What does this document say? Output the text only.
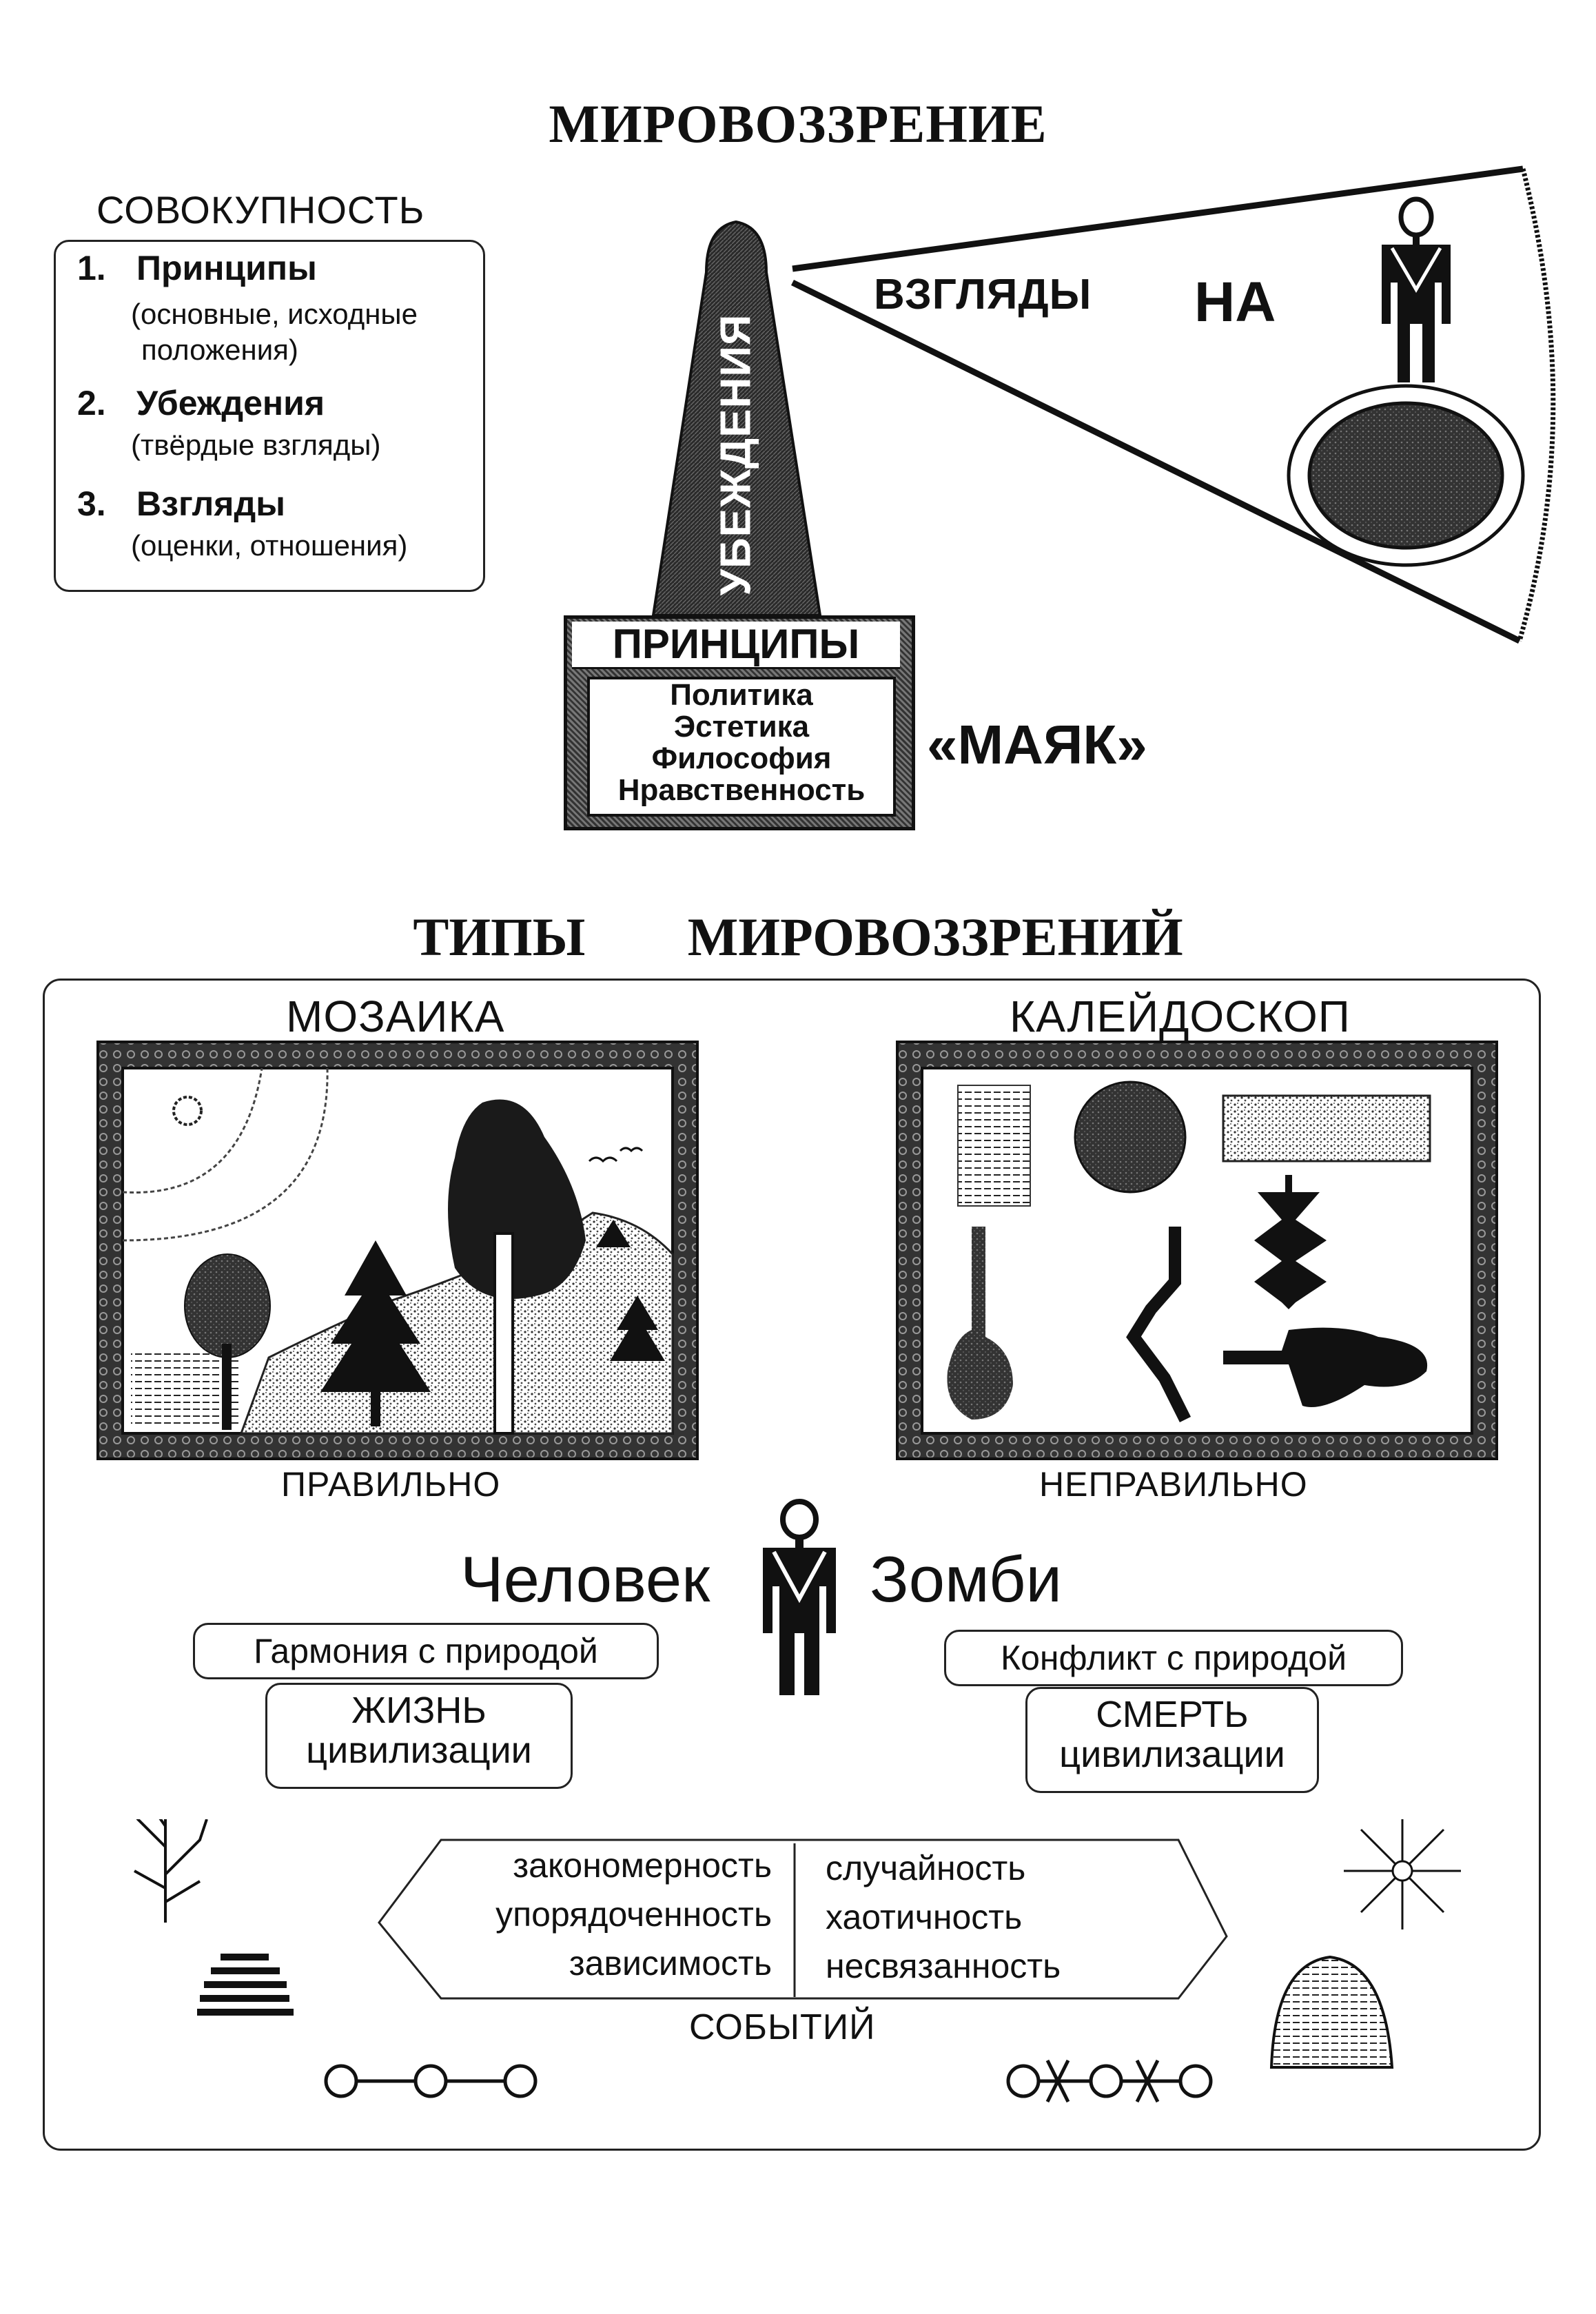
МИРОВОЗЗРЕНИЕ
СОВОКУПНОСТЬ
1. Принципы
(основные, исходные
положения)
2. Убеждения
(твёрдые взгляды)
3. Взгляды
(оценки, отношения)
ВЗГЛЯДЫ НА
УБЕЖДЕНИЯ
ПРИНЦИПЫ
Политика
Эстетика
Философия
Нравственность
«МАЯК»
ТИПЫ   МИРОВОЗЗРЕНИЙ
МОЗАИКА	КАЛЕЙДОСКОП
ПРАВИЛЬНО	НЕПРАВИЛЬНО
Человек Зомби
Гармония с природой	Конфликт с природой
ЖИЗНЬ
цивилизации
СМЕРТЬ
цивилизации
закономерность
упорядоченность
зависимость
случайность
хаотичность
несвязанность
СОБЫТИЙ
